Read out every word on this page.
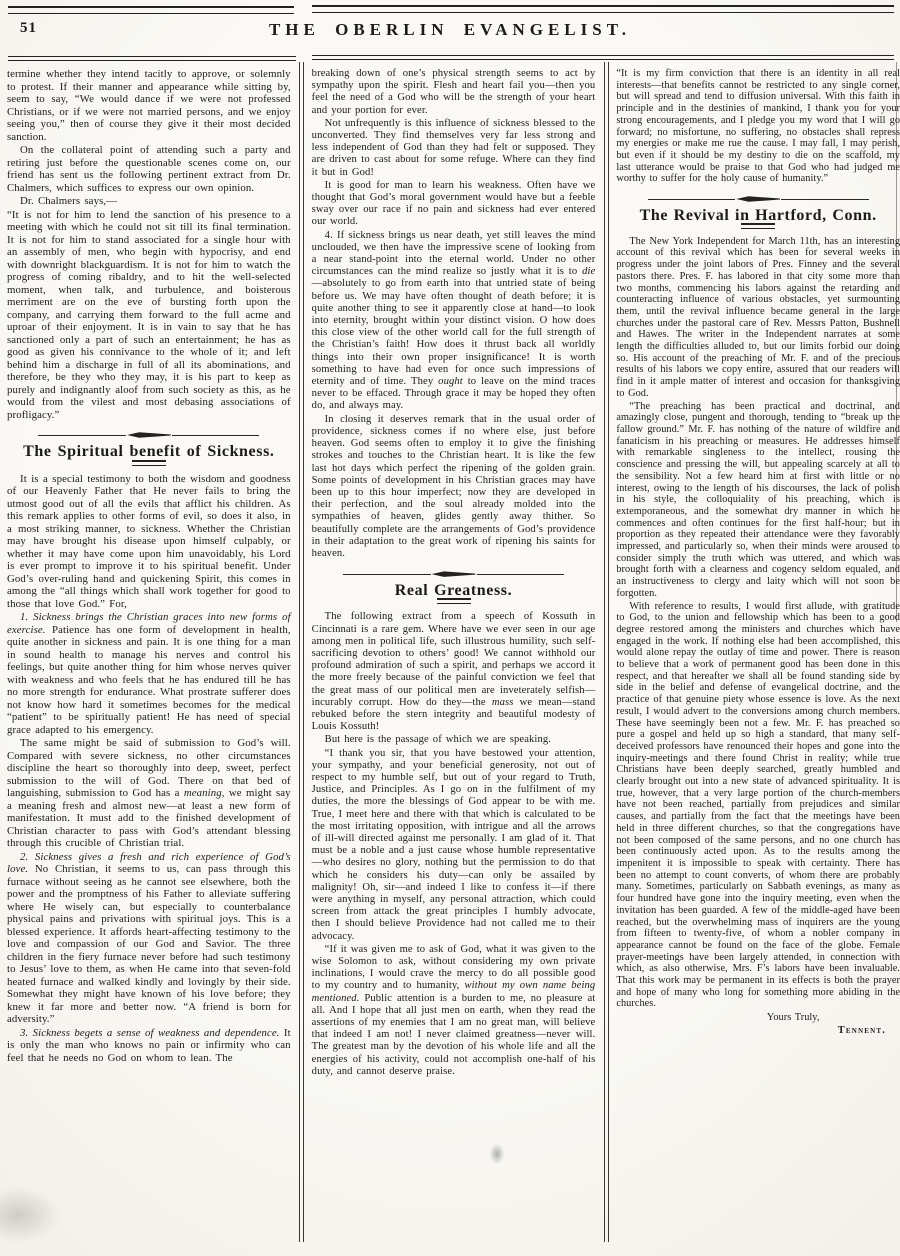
51	THE OBERLIN EVANGELIST.

termine whether they intend tacitly to approve, or solemnly to protest. If their manner and appearance while sitting by, seem to say, “We would dance if we were not professed Christians, or if we were not married persons, and we enjoy seeing you,” then of course they give it their most decided sanction.

On the collateral point of attending such a party and retiring just before the questionable scenes come on, our friend has sent us the following pertinent extract from Dr. Chalmers, which suffices to express our own opinion.

Dr. Chalmers says,—

“It is not for him to lend the sanction of his presence to a meeting with which he could not sit till its final termination. It is not for him to stand associated for a single hour with an assembly of men, who begin with hypocrisy, and end with downright blackguardism. It is not for him to watch the progress of coming ribaldry, and to hit the well-selected moment, when talk, and turbulence, and boisterous merriment are on the eve of bursting forth upon the company, and carrying them forward to the full acme and uproar of their enjoyment. It is in vain to say that he has sanctioned only a part of such an entertainment; he has as good as given his connivance to the whole of it; and left behind him a discharge in full of all its abominations, and therefore, be they who they may, it is his part to keep as purely and indignantly aloof from such society as this, as he would from the vilest and most debasing associations of profligacy.”

The Spiritual benefit of Sickness.

It is a special testimony to both the wisdom and goodness of our Heavenly Father that He never fails to bring the utmost good out of all the evils that afflict his children. As this remark applies to other forms of evil, so does it also, in a most striking manner, to sickness. Whether the Christian may have brought his disease upon himself culpably, or whether it may have come upon him unavoidably, his Lord is ever prompt to improve it to his spiritual benefit. Under God’s over-ruling hand and quickening Spirit, this comes in among the “all things which shall work together for good to those that love God.” For,

1. Sickness brings the Christian graces into new forms of exercise. Patience has one form of development in health, quite another in sickness and pain. It is one thing for a man in sound health to manage his nerves and control his feelings, but quite another thing for him whose nerves quiver with weakness and who feels that he has endured till he has no more strength for endurance. What prostrate sufferer does not know how hard it sometimes becomes for the medical “patient” to be spiritually patient! He has need of special grace adapted to his emergency.

The same might be said of submission to God’s will. Compared with severe sickness, no other circumstances discipline the heart so thoroughly into deep, sweet, perfect submission to the will of God. There on that bed of languishing, submission to God has a meaning, we might say a meaning fresh and almost new—at least a new form of manifestation. It must add to the finished development of Christian character to pass with God’s attendant blessing through this crucible of Christian trial.

2. Sickness gives a fresh and rich experience of God’s love. No Christian, it seems to us, can pass through this furnace without seeing as he cannot see elsewhere, both the power and the promptness of his Father to alleviate suffering where He wisely can, but especially to counterbalance physical pains and privations with spiritual joys. This is a blessed experience. It affords heart-affecting testimony to the love and compassion of our God and Savior. The three children in the fiery furnace never before had such testimony to Jesus’ love to them, as when He came into that seven-fold heated furnace and walked kindly and lovingly by their side. Somewhat they might have known of his love before; they knew it far more and better now. “A friend is born for adversity.”

3. Sickness begets a sense of weakness and dependence. It is only the man who knows no pain or infirmity who can feel that he needs no God on whom to lean. The

breaking down of one’s physical strength seems to act by sympathy upon the spirit. Flesh and heart fail you—then you feel the need of a God who will be the strength of your heart and your portion for ever.

Not unfrequently is this influence of sickness blessed to the unconverted. They find themselves very far less strong and less independent of God than they had felt or supposed. They are driven to cast about for some refuge. Where can they find it but in God!

It is good for man to learn his weakness. Often have we thought that God’s moral government would have but a feeble sway over our race if no pain and sickness had ever entered our world.

4. If sickness brings us near death, yet still leaves the mind unclouded, we then have the impressive scene of looking from a near stand-point into the eternal world. Under no other circumstances can the mind realize so justly what it is to die—absolutely to go from earth into that untried state of being before us. We may have often thought of death before; it is quite another thing to see it apparently close at hand—to look into eternity, brought within your distinct vision. O how does this close view of the other world call for the full strength of the Christian’s faith! How does it thrust back all worldly things into their own proper insignificance! It is worth something to have had even for once such impressions of eternity and of time. They ought to leave on the mind traces never to be effaced. Through grace it may be hoped they often do, and always may.

In closing it deserves remark that in the usual order of providence, sickness comes if no where else, just before heaven. God seems often to employ it to give the finishing strokes and touches to the Christian heart. It is like the few last hot days which perfect the ripening of the golden grain. Some points of development in his Christian graces may have been up to this hour imperfect; now they are developed in their perfection, and the soul already molded into the sympathies of heaven, glides gently away thither. So beautifully complete are the arrangements of God’s providence in their adaptation to the great work of ripening his saints for heaven.

Real Greatness.

The following extract from a speech of Kossuth in Cincinnati is a rare gem. Where have we ever seen in our age among men in political life, such illustrous humility, such self-sacrificing devotion to others’ good! We cannot withhold our profound admiration of such a spirit, and perhaps we accord it the more freely because of the painful conviction we feel that the great mass of our political men are inveterately selfish—incurably corrupt. How do they—the mass we mean—stand rebuked before the stern integrity and beautiful modesty of Louis Kossuth!

But here is the passage of which we are speaking.

“I thank you sir, that you have bestowed your attention, your sympathy, and your beneficial generosity, not out of respect to my humble self, but out of your regard to Truth, Justice, and Principles. As I go on in the fulfilment of my duties, the more the blessings of God appear to be with me. True, I meet here and there with that which is calculated to be the most irritating opposition, with intrigue and all the arrows of ill-will directed against me personally. I am glad of it. That must be a noble and a just cause whose humble representative—who desires no glory, nothing but the permission to do that which he considers his duty—can only be assailed by malignity! Oh, sir—and indeed I like to confess it—if there were anything in myself, any personal attraction, which could screen from attack the great principles I humbly advocate, then I should believe Providence had not called me to their advocacy.

“If it was given me to ask of God, what it was given to the wise Solomon to ask, without considering my own private inclinations, I would crave the mercy to do all possible good to my country and to humanity, without my own name being mentioned. Public attention is a burden to me, no pleasure at all. And I hope that all just men on earth, when they read the assertions of my enemies that I am no great man, will believe that indeed I am not! I never claimed greatness—never will. The greatest man by the devotion of his whole life and all the energies of his activity, could not accomplish one-half of his duty, and cannot deserve praise.

“It is my firm conviction that there is an identity in all real interests—that benefits cannot be restricted to any single corner, but will spread and tend to diffusion universal. With this faith in principle and in the destinies of mankind, I thank you for your strong encouragements, and I pledge you my word that I will go forward; no misfortune, no suffering, no obstacles shall repress my energies or make me rue the cause. I may fall, I may perish, but even if it should be my destiny to die on the scaffold, my last utterance would be praise to that God who had judged me worthy to suffer for the holy cause of humanity.”

The Revival in Hartford, Conn.

The New York Independent for March 11th, has an interesting account of this revival which has been for several weeks in progress under the joint labors of Pres. Finney and the several pastors there. Pres. F. has labored in that city some more than two months, commencing his labors against the retarding and counteracting influence of various obstacles, yet surmounting them, until the revival influence became general in the large churches under the pastoral care of Rev. Messrs Patton, Bushnell and Hawes. The writer in the Independent narrates at some length the difficulties alluded to, but our limits forbid our doing so. His account of the preaching of Mr. F. and of the precious results of his labors we copy entire, assured that our readers will find in it ample matter of interest and occasion for thanksgiving to God.

“The preaching has been practical and doctrinal, and amazingly close, pungent and thorough, tending to “break up the fallow ground.” Mr. F. has nothing of the nature of wildfire and fanaticism in his preaching or measures. He addresses himself with remarkable singleness to the intellect, rousing the conscience and pressing the will, but appealing scarcely at all to the sensibility. Not a few heard him at first with little or no interest, owing to the length of his discourses, the lack of polish in his style, the colloquiality of his preaching, which is extemporaneous, and the somewhat dry manner in which he commences and often continues for the first half-hour; but in proportion as they repeated their attendance were they favorably impressed, and particularly so, when their minds were aroused to consider simply the truth which was uttered, and which was brought forth with a clearness and cogency seldom equaled, and an instructiveness to clergy and laity which will not soon be forgotten.

With reference to results, I would first allude, with gratitude to God, to the union and fellowship which has been to a good degree restored among the ministers and churches which have engaged in the work. If nothing else had been accomplished, this would alone repay the outlay of time and power. There is reason to believe that a work of permanent good has been done in this respect, and that hereafter we shall all be found standing side by side in the belief and defense of evangelical doctrine, and the practice of that genuine piety whose essence is love. As the next result, I would advert to the conversions among church members. These have seemingly been not a few. Mr. F. has preached so pure a gospel and held up so high a standard, that many self-deceived professors have renounced their hopes and gone into the inquiry-meetings and there found Christ in reality; while true Christians have been deeply searched, greatly humbled and clearly brought out into a new state of advanced spirituality. It is true, however, that a very large portion of the church-members have not been reached, partially from prejudices and similar causes, and partially from the fact that the meetings have been held in three different churches, so that the congregations have not been composed of the same persons, and no one church has been continuously acted upon. As to the results among the impenitent it is impossible to speak with certainty. There has been no attempt to count converts, of whom there are probably many. Sometimes, particularly on Sabbath evenings, as many as four hundred have gone into the inquiry meeting, even when the invitation has been guarded. A few of the middle-aged have been reached, but the overwhelming mass of inquirers are the young from fifteen to twenty-five, of whom a nobler company in appearance cannot be found on the face of the globe. Female prayer-meetings have been largely attended, in connection with which, as also otherwise, Mrs. F’s labors have been invaluable. That this work may be permanent in its effects is both the prayer and hope of many who long for something more abiding in the churches.

Yours Truly,

Tennent.
